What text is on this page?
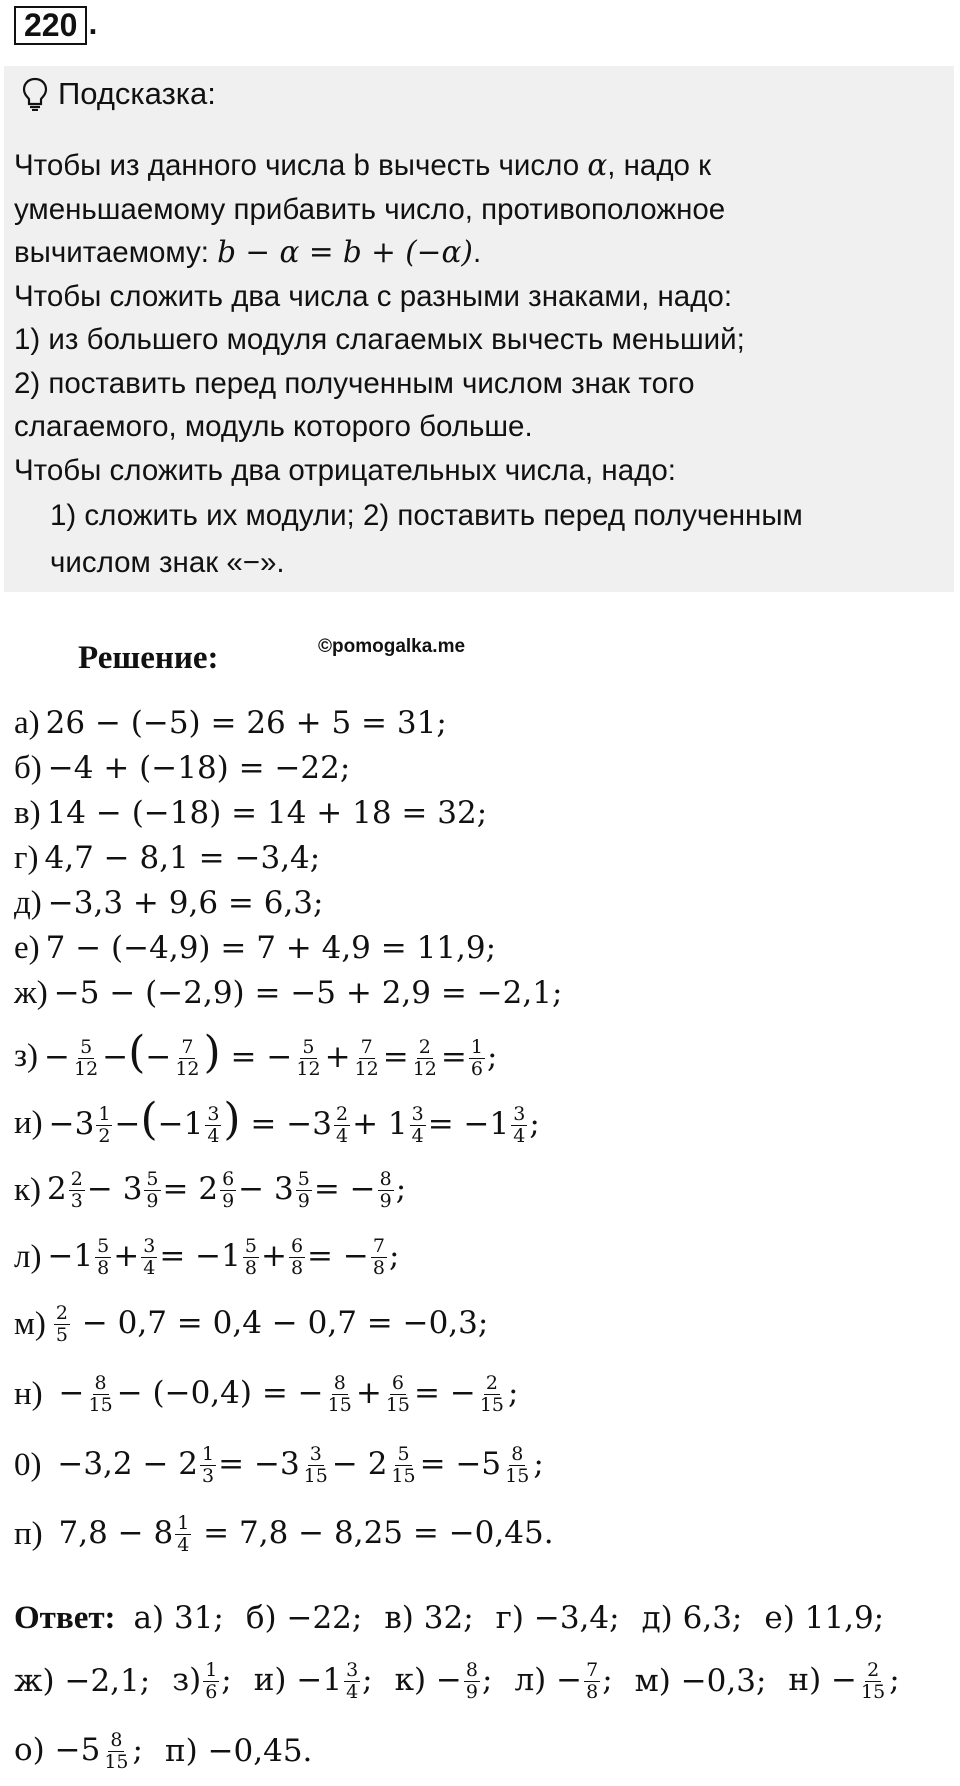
220 .
Подсказка:

Чтобы из данного числа b вычесть число α, надо к

уменьшаемому прибавить число, противоположное

вычитаемому: b − α = b + (−α).

Чтобы сложить два числа с разными знаками, надо:

1) из большего модуля слагаемых вычесть меньший;

2) поставить перед полученным числом знак того

слагаемого, модуль которого больше.

Чтобы сложить два отрицательных числа, надо:

1) сложить их модули; 2) поставить перед полученным

числом знак «−».

Решение:	©pomogalka.me
а) 26 − (−5) = 26 + 5 = 31;
б) −4 + (−18) = −22;
в) 14 − (−18) = 14 + 18 = 32;
г) 4,7 − 8,1 = −3,4;
д) −3,3 + 9,6 = 6,3;
е) 7 − (−4,9) = 7 + 4,9 = 11,9;
ж) −5 − (−2,9) = −5 + 2,9 = −2,1;
$з) - \frac{5}{12}$ −(− $\frac{7}{12}$ ) = − $\frac{5}{12} + \frac{7}{12} = \frac{2}{12} = \frac{1}{6}$ ;
$и) -3 \frac{1}{2} -(-1 \frac{3}{4}$ ) = $-3 \frac{2}{4} + 1 \frac{3}{4} = -1 \frac{3}{4}$ ;
к) $2 \frac{2}{3} - 3 \frac{5}{9} = 2 \frac{6}{9} - 3 \frac{5}{9}$ = − $\frac{8}{9}$ ;
$л) -1 \frac{5}{8} + \frac{3}{4} = -1 \frac{5}{8} + \frac{6}{8}$ = − $\frac{7}{8}$ ;
$м) \frac{2}{5} - 0,7 = 0,4 - 0,7 = -0,3$;
$н) - \frac{8}{15} - (-0,4)$ = − $\frac{8}{15} + \frac{6}{15}$ = − $\frac{2}{15}$ ;
$0) -3,2 - 2 \frac{1}{3} = -3 \frac{3}{15} - 2 \frac{5}{15} = -5 \frac{8}{15}$ ;
п) $7,8 - 8 \frac{1}{4} = 7,8 - 8,25 = -0,45$.
Ответ: а) 31; б) −22; в) 32; г) −3,4; д) 6,3; е) 11,9;
ж) −2,1; $з) \frac{1}{6}$ ; $и) -1 \frac{3}{4}$ ; $к) - \frac{8}{9}$ ; $л) - \frac{7}{8}$ ; м) −0,3; $н) - \frac{2}{15}$ ;
$о) -5 \frac{8}{15}$ ; п) −0,45.
